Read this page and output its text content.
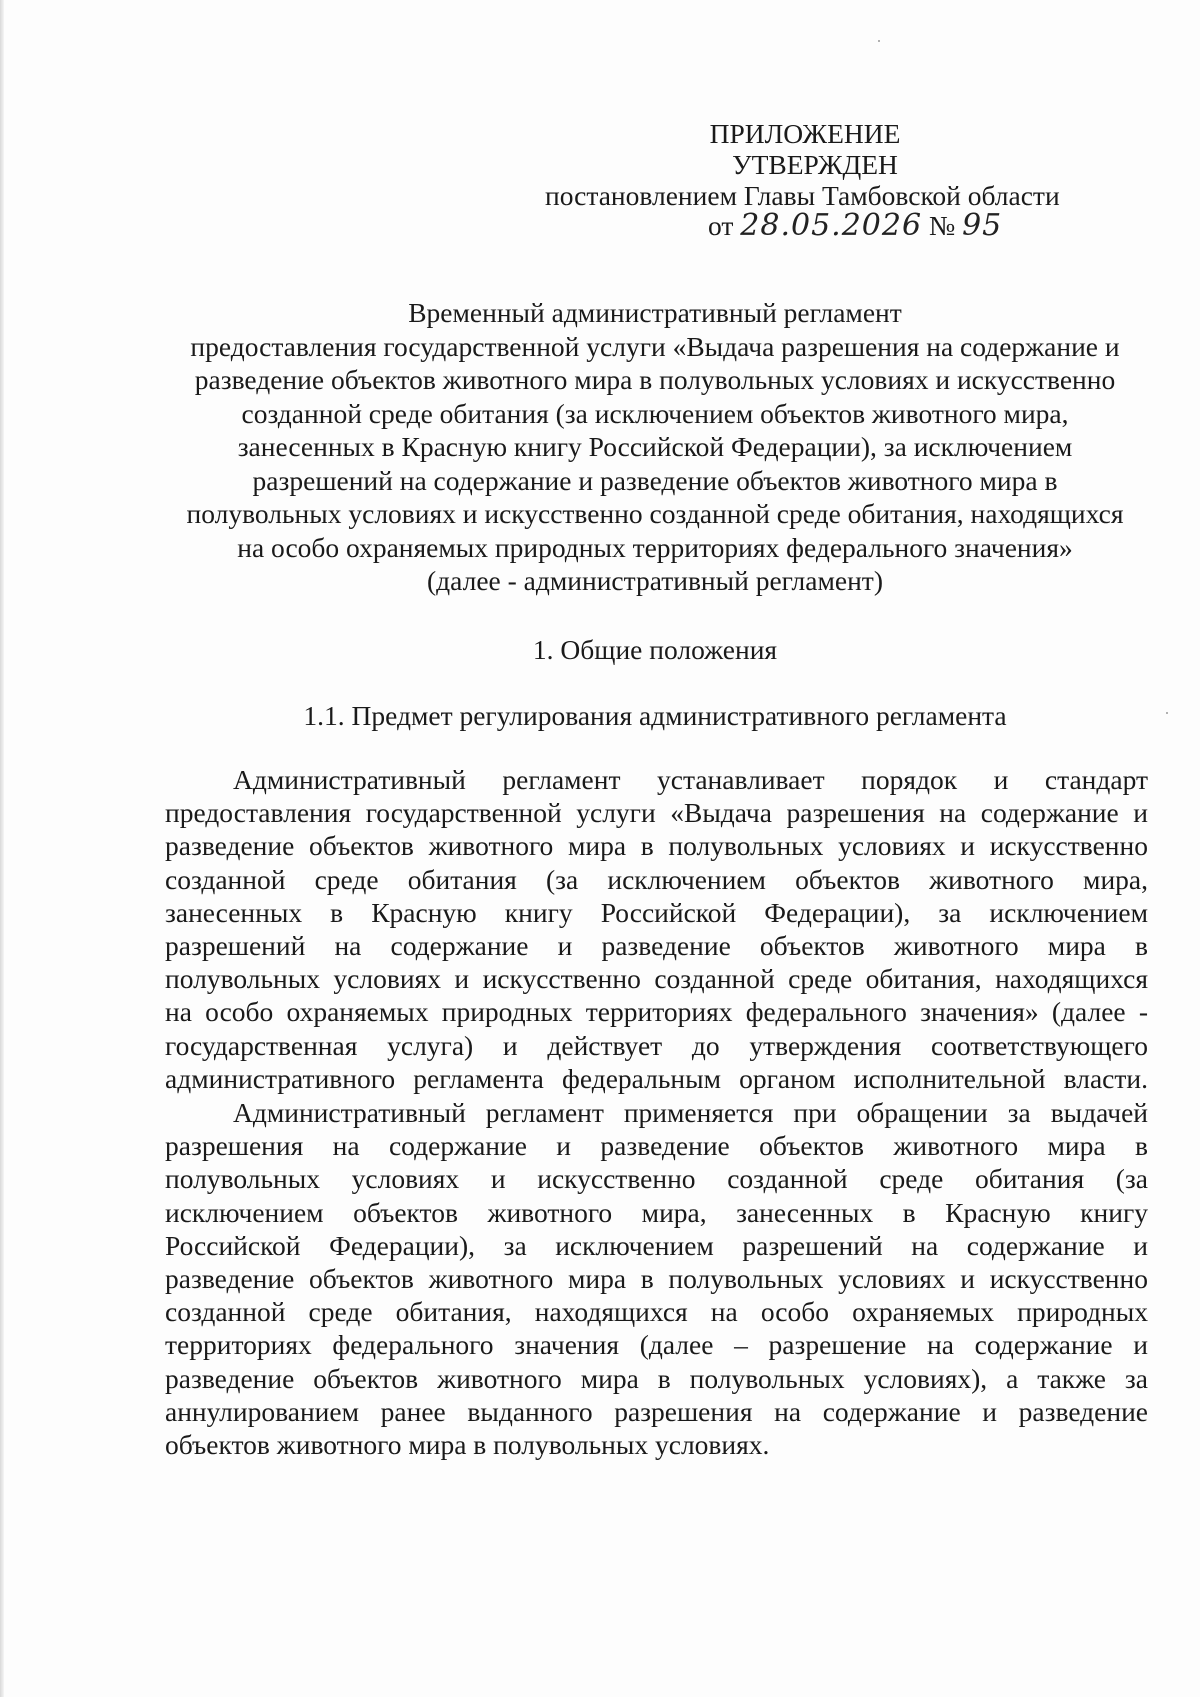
ПРИЛОЖЕНИЕ
УТВЕРЖДЕН
постановлением Главы Тамбовской области
от 28.05.2026 № 95
Временный административный регламент
предоставления государственной услуги «Выдача разрешения на содержание и
разведение объектов животного мира в полувольных условиях и искусственно
созданной среде обитания (за исключением объектов животного мира,
занесенных в Красную книгу Российской Федерации), за исключением
разрешений на содержание и разведение объектов животного мира в
полувольных условиях и искусственно созданной среде обитания, находящихся
на особо охраняемых природных территориях федерального значения»
(далее - административный регламент)
1. Общие положения
1.1. Предмет регулирования административного регламента
Административный регламент устанавливает порядок и стандарт
предоставления государственной услуги «Выдача разрешения на содержание и
разведение объектов животного мира в полувольных условиях и искусственно
созданной среде обитания (за исключением объектов животного мира,
занесенных в Красную книгу Российской Федерации), за исключением
разрешений на содержание и разведение объектов животного мира в
полувольных условиях и искусственно созданной среде обитания, находящихся
на особо охраняемых природных территориях федерального значения» (далее -
государственная услуга) и действует до утверждения соответствующего
административного регламента федеральным органом исполнительной власти.
Административный регламент применяется при обращении за выдачей
разрешения на содержание и разведение объектов животного мира в
полувольных условиях и искусственно созданной среде обитания (за
исключением объектов животного мира, занесенных в Красную книгу
Российской Федерации), за исключением разрешений на содержание и
разведение объектов животного мира в полувольных условиях и искусственно
созданной среде обитания, находящихся на особо охраняемых природных
территориях федерального значения (далее – разрешение на содержание и
разведение объектов животного мира в полувольных условиях), а также за
аннулированием ранее выданного разрешения на содержание и разведение
объектов животного мира в полувольных условиях.
